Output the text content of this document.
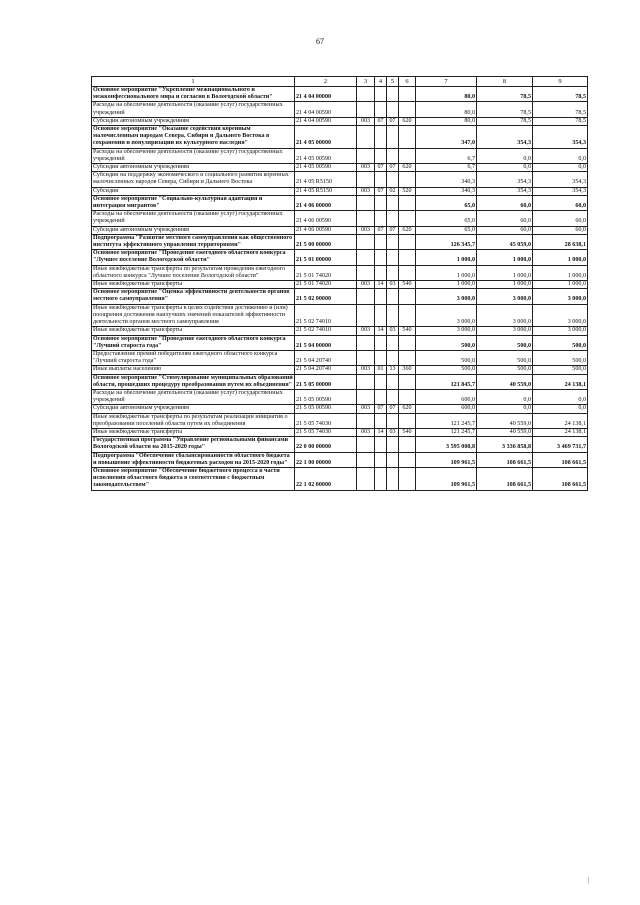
67
1	2	3	4	5	6	7	8	9
Основное мероприятие "Укрепление межнационального и межконфессионального мира и согласия в Вологодской области"	21 4 04 00000					80,0	78,5	78,5
Расходы на обеспечение деятельности (оказание услуг) государственных учреждений	21 4 04 00590					80,0	78,5	78,5
Субсидии автономным учреждениям	21 4 04 00590	003	07	07	620	80,0	78,5	78,5
Основное мероприятие "Оказание содействия коренным малочисленным народам Севера, Сибири и Дальнего Востока в сохранении и популяризации их культурного наследия"	21 4 05 00000					347,0	354,3	354,3
Расходы на обеспечение деятельности (оказание услуг) государственных учреждений	21 4 05 00590					6,7	0,0	0,0
Субсидии автономным учреждениям	21 4 05 00590	003	07	07	620	6,7	0,0	0,0
Субсидии на поддержку экономического и социального развития коренных малочисленных народов Севера, Сибири и Дальнего Востока	21 4 05 R5150					340,3	354,3	354,3
Субсидии	21 4 05 R5150	003	07	02	520	340,3	354,3	354,3
Основное мероприятие "Социально-культурная адаптация и интеграция мигрантов"	21 4 06 00000					65,0	60,0	60,0
Расходы на обеспечение деятельности (оказание услуг) государственных учреждений	21 4 06 00590					65,0	60,0	60,0
Субсидии автономным учреждениям	21 4 06 00590	003	07	07	620	65,0	60,0	60,0
Подпрограмма "Развитие местного самоуправления как общественного института эффективного управления территориями"	21 5 00 00000					126 345,7	45 059,0	28 638,1
Основное мероприятие "Проведение ежегодного областного конкурса "Лучшее поселение Вологодской области"	21 5 01 00000					1 000,0	1 000,0	1 000,0
Иные межбюджетные трансферты по результатам проведения ежегодного областного конкурса "Лучшее поселение Вологодской области"	21 5 01 74020					1 000,0	1 000,0	1 000,0
Иные межбюджетные трансферты	21 5 01 74020	003	14	03	540	1 000,0	1 000,0	1 000,0
Основное мероприятие "Оценка эффективности деятельности органов местного самоуправления"	21 5 02 00000					3 000,0	3 000,0	3 000,0
Иные межбюджетные трансферты в целях содействия достижению и (или) поощрения достижения наилучших значений показателей эффективности деятельности органов местного самоуправления	21 5 02 74010					3 000,0	3 000,0	3 000,0
Иные межбюджетные трансферты	21 5 02 74010	003	14	03	540	3 000,0	3 000,0	3 000,0
Основное мероприятие "Проведение ежегодного областного конкурса "Лучший староста года"	21 5 04 00000					500,0	500,0	500,0
Предоставление премий победителям ежегодного областного конкурса "Лучший староста года"	21 5 04 20740					500,0	500,0	500,0
Иные выплаты населению	21 5 04 20740	003	01	13	360	500,0	500,0	500,0
Основное мероприятие "Стимулирование муниципальных образований области, прошедших процедуру преобразования путем их объединения"	21 5 05 00000					121 845,7	40 559,0	24 138,1
Расходы на обеспечение деятельности (оказание услуг) государственных учреждений	21 5 05 00590					600,0	0,0	0,0
Субсидии автономным учреждениям	21 5 05 00590	003	07	07	620	600,0	0,0	0,0
Иные межбюджетные трансферты по результатам реализации инициатив о преобразовании поселений области путем их объединения	21 5 05 74030					121 245,7	40 559,0	24 138,1
Иные межбюджетные трансферты	21 5 05 74030	003	14	03	540	121 245,7	40 559,0	24 138,1
Государственная программа "Управление региональными финансами Вологодской области на 2015-2020 годы"	22 0 00 00000					3 595 008,8	3 336 858,8	3 469 731,7
Подпрограмма "Обеспечение сбалансированности областного бюджета и повышение эффективности бюджетных расходов на 2015-2020 годы"	22 1 00 00000					109 961,5	108 661,5	108 661,5
Основное мероприятие "Обеспечение бюджетного процесса в части исполнения областного бюджета в соответствии с бюджетным законодательством"	22 1 02 00000					109 961,5	108 661,5	108 661,5
|
